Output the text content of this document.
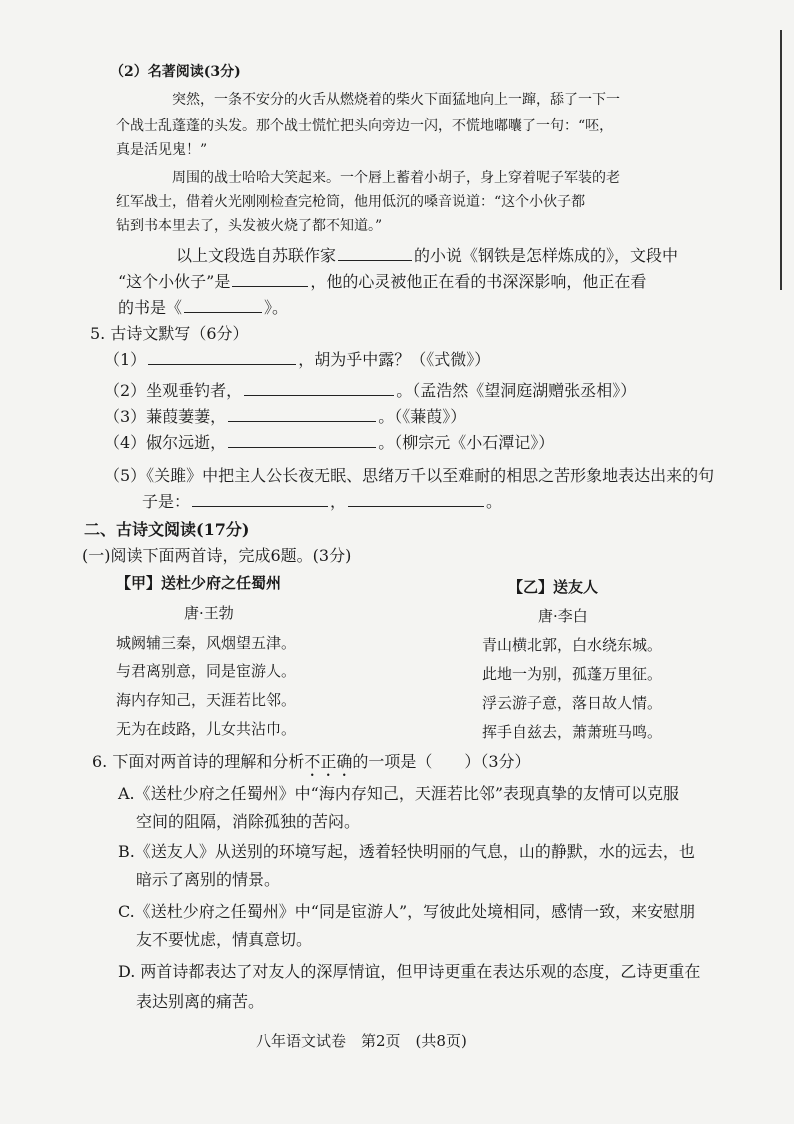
（2）名著阅读(3分)
突然，一条不安分的火舌从燃烧着的柴火下面猛地向上一蹿，舔了一下一
个战士乱蓬蓬的头发。那个战士慌忙把头向旁边一闪，不慌地嘟囔了一句：“呸，
真是活见鬼！”
周围的战士哈哈大笑起来。一个唇上蓄着小胡子，身上穿着呢子军装的老
红军战士，借着火光刚刚检查完枪筒，他用低沉的嗓音说道：“这个小伙子都
钻到书本里去了，头发被火烧了都不知道。”
以上文段选自苏联作家	的小说《钢铁是怎样炼成的》，文段中
“这个小伙子”是	，他的心灵被他正在看的书深深影响，他正在看
的书是《	》。
5. 古诗文默写（6分）
（1）	，胡为乎中露？（《式微》）
（2）坐观垂钓者，	。（孟浩然《望洞庭湖赠张丞相》）
（3）蒹葭萋萋，	。（《蒹葭》）
（4）俶尔远逝，	。（柳宗元《小石潭记》）
（5）《关雎》中把主人公长夜无眠、思绪万千以至难耐的相思之苦形象地表达出来的句
子是：	，	。
二、古诗文阅读(17分)
(一)阅读下面两首诗，完成6题。(3分)
【甲】送杜少府之任蜀州
唐·王勃
城阙辅三秦，风烟望五津。
与君离别意，同是宦游人。
海内存知己，天涯若比邻。
无为在歧路，儿女共沾巾。
【乙】送友人
唐·李白
青山横北郭，白水绕东城。
此地一为别，孤蓬万里征。
浮云游子意，落日故人情。
挥手自兹去，萧萧班马鸣。
6. 下面对两首诗的理解和分析不正确的一项是（　　）（3分）
A.《送杜少府之任蜀州》中“海内存知己，天涯若比邻”表现真挚的友情可以克服
空间的阻隔，消除孤独的苦闷。
B.《送友人》从送别的环境写起，透着轻快明丽的气息，山的静默，水的远去，也
暗示了离别的情景。
C.《送杜少府之任蜀州》中“同是宦游人”，写彼此处境相同，感情一致，来安慰朋
友不要忧虑，情真意切。
D. 两首诗都表达了对友人的深厚情谊，但甲诗更重在表达乐观的态度，乙诗更重在
表达别离的痛苦。
八年语文试卷　第2页　(共8页)
